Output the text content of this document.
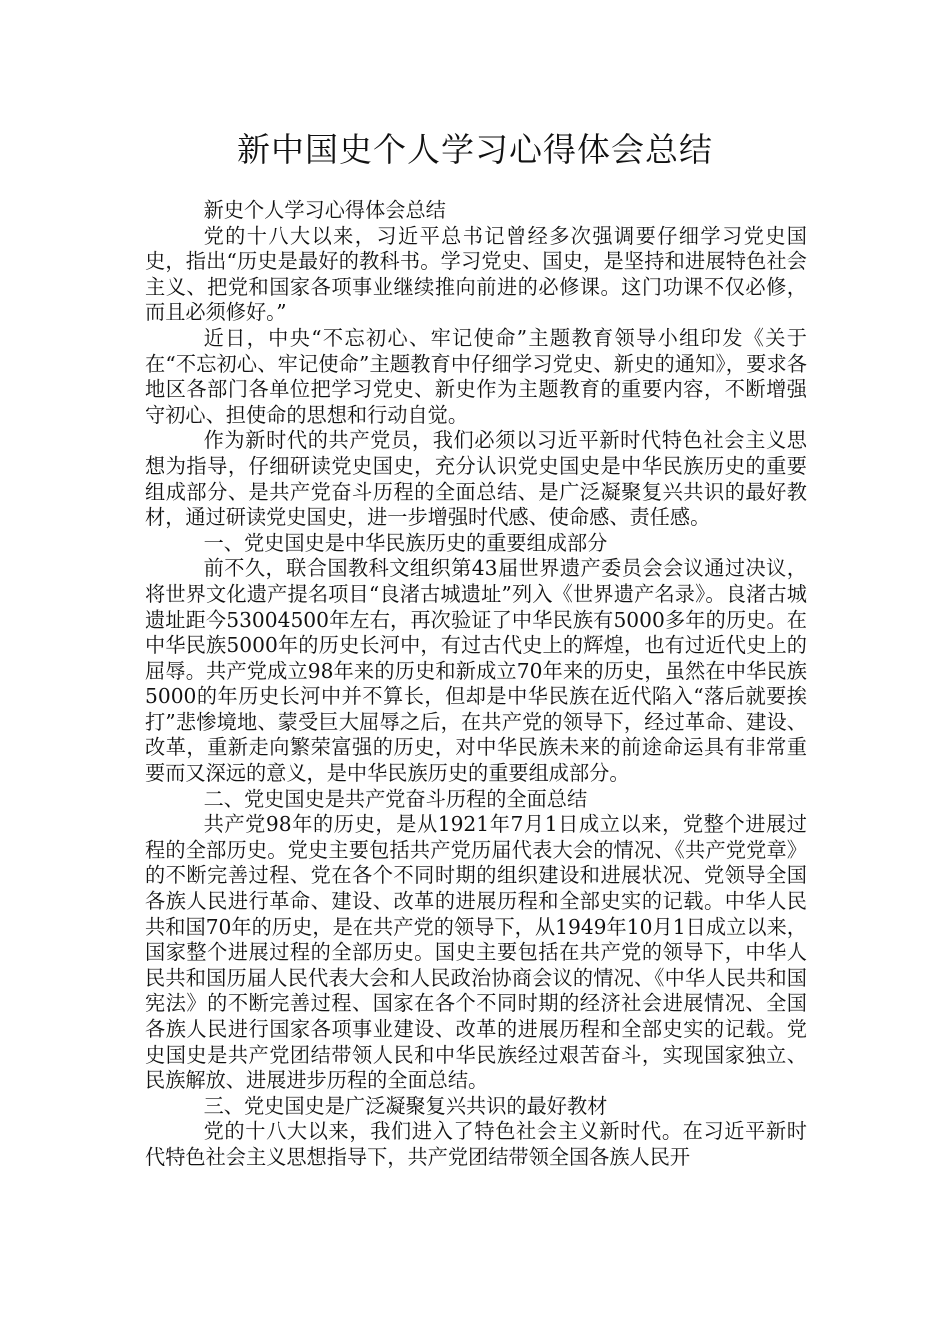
新中国史个人学习心得体会总结

新史个人学习心得体会总结

党的十八大以来，习近平总书记曾经多次强调要仔细学习党史国史，指出“历史是最好的教科书。学习党史、国史，是坚持和进展特色社会主义、把党和国家各项事业继续推向前进的必修课。这门功课不仅必修，而且必须修好。”

近日，中央“不忘初心、牢记使命”主题教育领导小组印发《关于在“不忘初心、牢记使命”主题教育中仔细学习党史、新史的通知》，要求各地区各部门各单位把学习党史、新史作为主题教育的重要内容，不断增强守初心、担使命的思想和行动自觉。

作为新时代的共产党员，我们必须以习近平新时代特色社会主义思想为指导，仔细研读党史国史，充分认识党史国史是中华民族历史的重要组成部分、是共产党奋斗历程的全面总结、是广泛凝聚复兴共识的最好教材，通过研读党史国史，进一步增强时代感、使命感、责任感。

一、党史国史是中华民族历史的重要组成部分

前不久，联合国教科文组织第43届世界遗产委员会会议通过决议，将世界文化遗产提名项目“良渚古城遗址”列入《世界遗产名录》。良渚古城遗址距今53004500年左右，再次验证了中华民族有5000多年的历史。在中华民族5000年的历史长河中，有过古代史上的辉煌，也有过近代史上的屈辱。共产党成立98年来的历史和新成立70年来的历史，虽然在中华民族5000的年历史长河中并不算长，但却是中华民族在近代陷入“落后就要挨打”悲惨境地、蒙受巨大屈辱之后，在共产党的领导下，经过革命、建设、改革，重新走向繁荣富强的历史，对中华民族未来的前途命运具有非常重要而又深远的意义，是中华民族历史的重要组成部分。

二、党史国史是共产党奋斗历程的全面总结

共产党98年的历史，是从1921年7月1日成立以来，党整个进展过程的全部历史。党史主要包括共产党历届代表大会的情况、《共产党党章》的不断完善过程、党在各个不同时期的组织建设和进展状况、党领导全国各族人民进行革命、建设、改革的进展历程和全部史实的记载。中华人民共和国70年的历史，是在共产党的领导下，从1949年10月1日成立以来，国家整个进展过程的全部历史。国史主要包括在共产党的领导下，中华人民共和国历届人民代表大会和人民政治协商会议的情况、《中华人民共和国宪法》的不断完善过程、国家在各个不同时期的经济社会进展情况、全国各族人民进行国家各项事业建设、改革的进展历程和全部史实的记载。党史国史是共产党团结带领人民和中华民族经过艰苦奋斗，实现国家独立、民族解放、进展进步历程的全面总结。

三、党史国史是广泛凝聚复兴共识的最好教材

党的十八大以来，我们进入了特色社会主义新时代。在习近平新时代特色社会主义思想指导下，共产党团结带领全国各族人民开
